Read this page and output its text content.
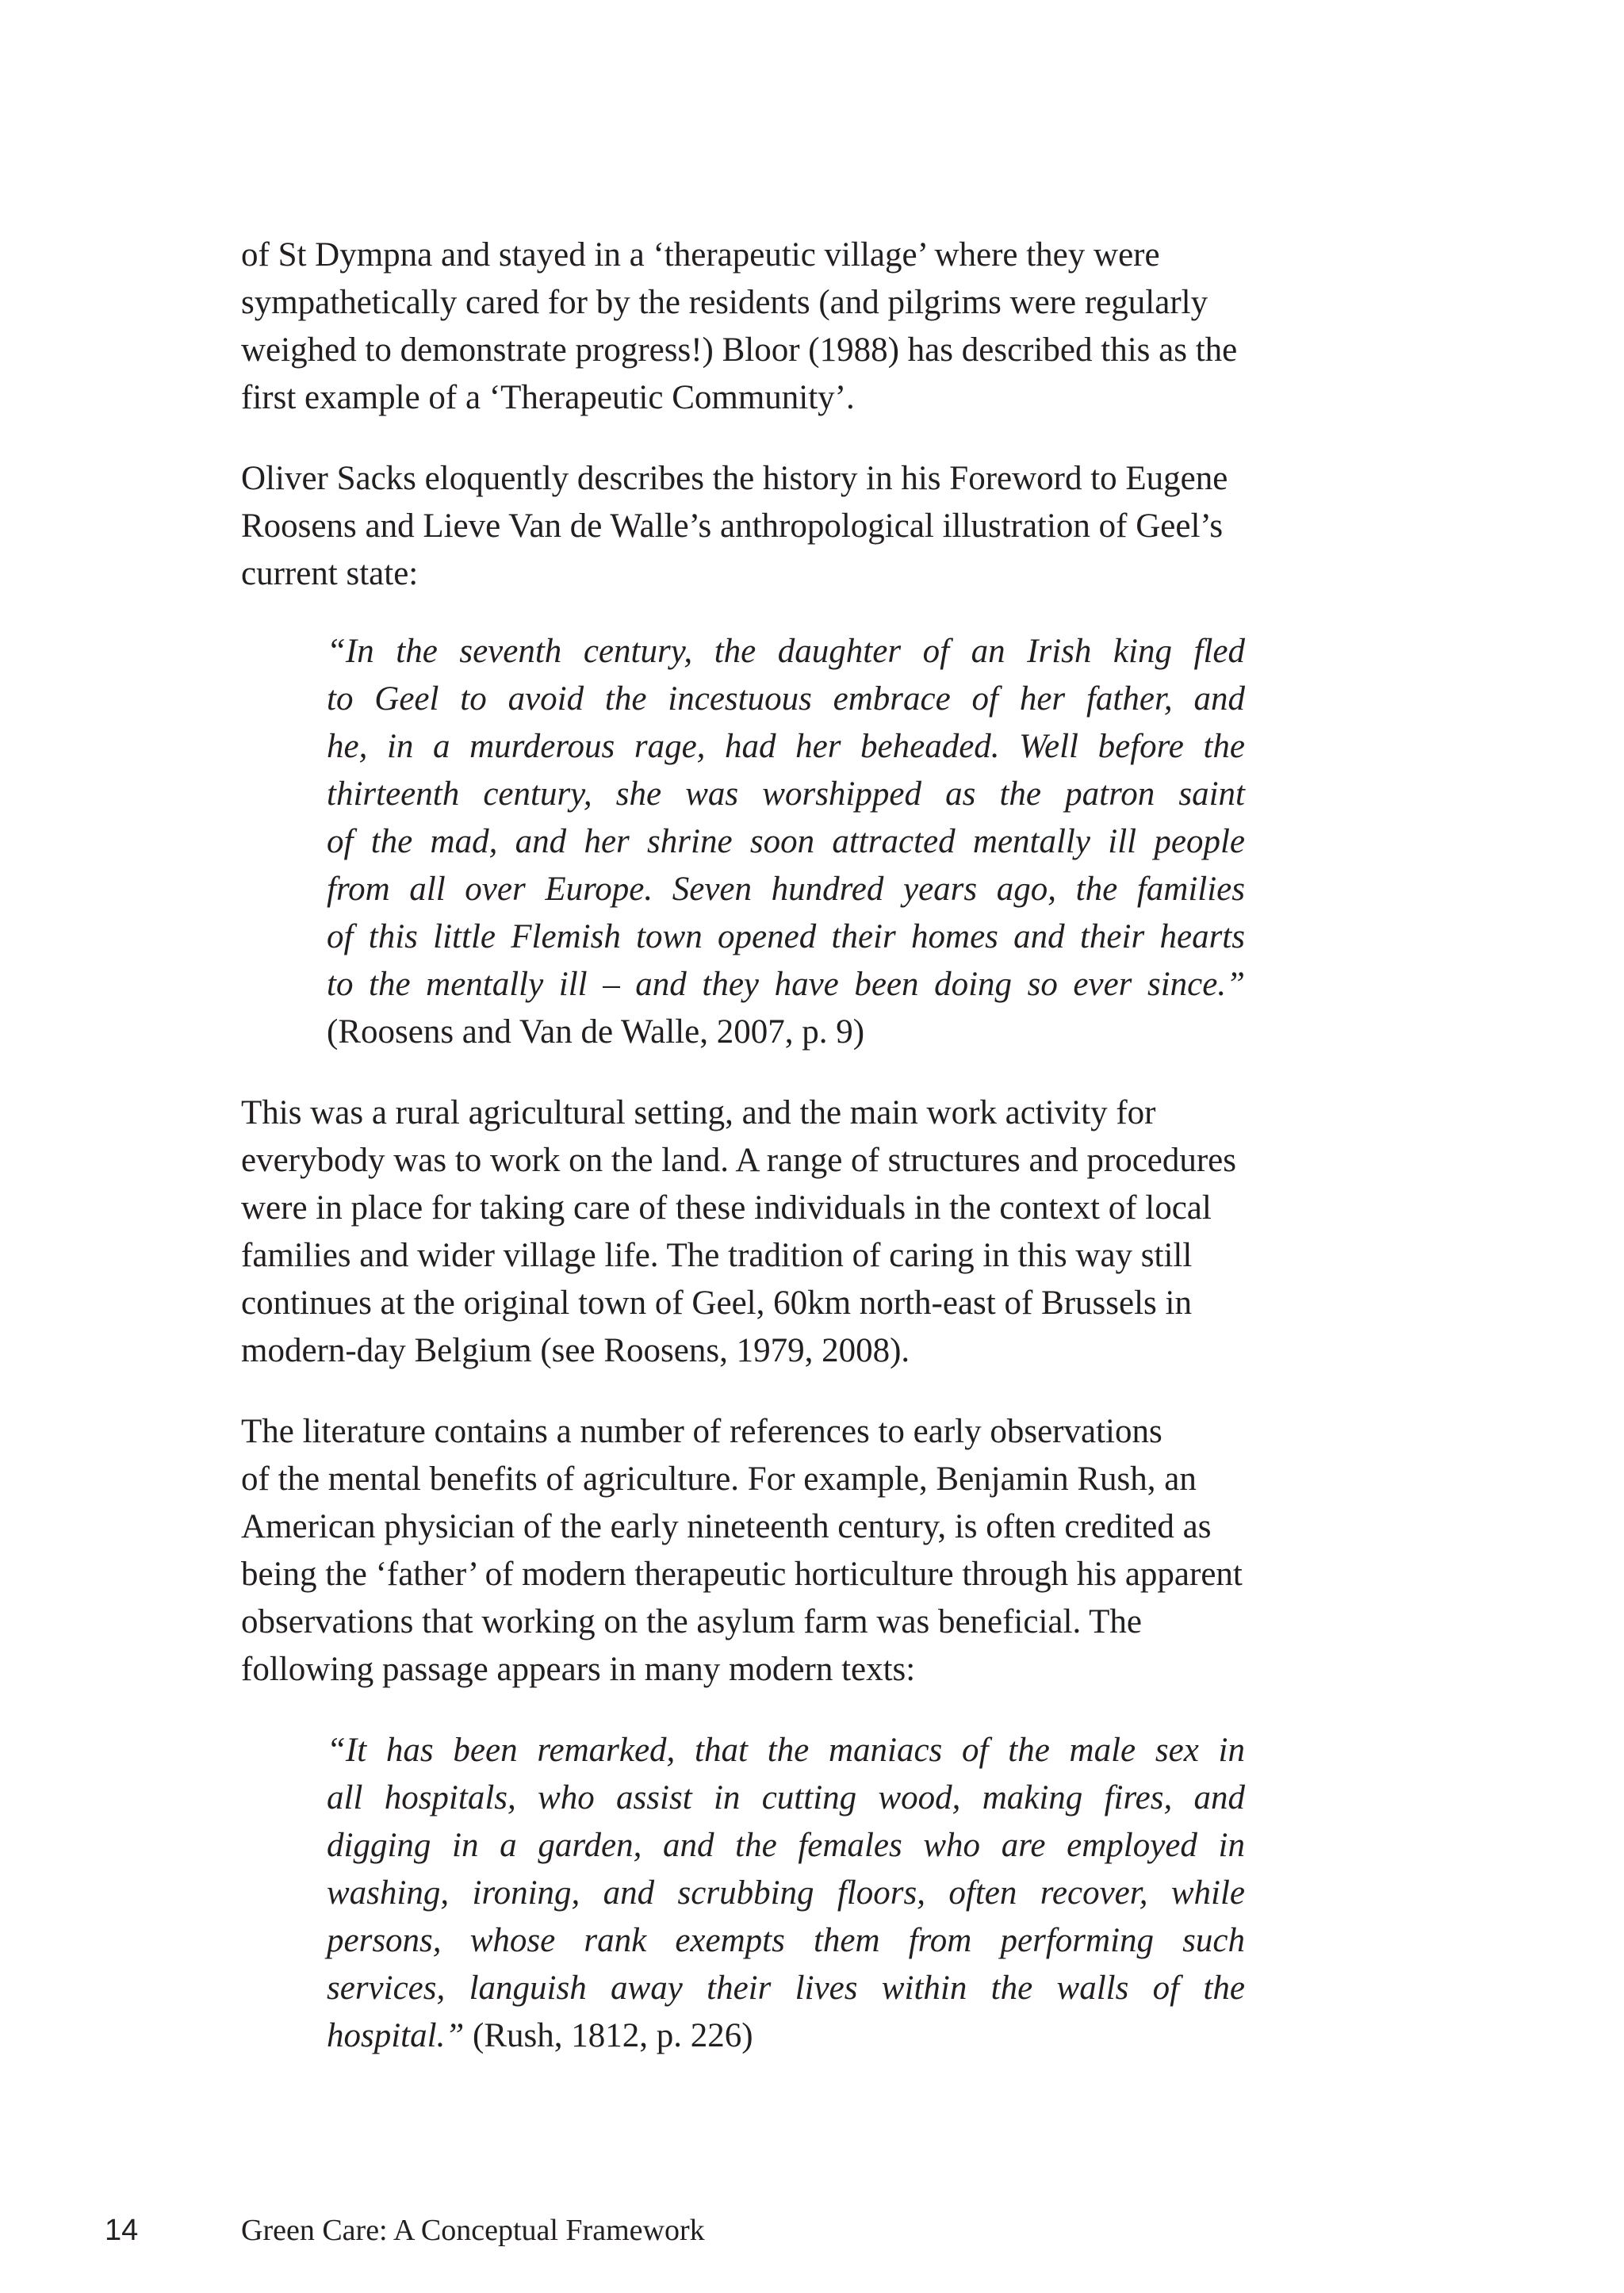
of St Dympna and stayed in a ‘therapeutic village’ where they were
sympathetically cared for by the residents (and pilgrims were regularly
weighed to demonstrate progress!) Bloor (1988) has described this as the
first example of a ‘Therapeutic Community’.

Oliver Sacks eloquently describes the history in his Foreword to Eugene
Roosens and Lieve Van de Walle’s anthropological illustration of Geel’s
current state:

“In the seventh century, the daughter of an Irish king fled
to Geel to avoid the incestuous embrace of her father, and
he, in a murderous rage, had her beheaded. Well before the
thirteenth century, she was worshipped as the patron saint
of the mad, and her shrine soon attracted mentally ill people
from all over Europe. Seven hundred years ago, the families
of this little Flemish town opened their homes and their hearts
to the mentally ill – and they have been doing so ever since.”
(Roosens and Van de Walle, 2007, p. 9)

This was a rural agricultural setting, and the main work activity for
everybody was to work on the land. A range of structures and procedures
were in place for taking care of these individuals in the context of local
families and wider village life. The tradition of caring in this way still
continues at the original town of Geel, 60km north-east of Brussels in
modern-day Belgium (see Roosens, 1979, 2008).

The literature contains a number of references to early observations
of the mental benefits of agriculture. For example, Benjamin Rush, an
American physician of the early nineteenth century, is often credited as
being the ‘father’ of modern therapeutic horticulture through his apparent
observations that working on the asylum farm was beneficial. The
following passage appears in many modern texts:

“It has been remarked, that the maniacs of the male sex in
all hospitals, who assist in cutting wood, making fires, and
digging in a garden, and the females who are employed in
washing, ironing, and scrubbing floors, often recover, while
persons, whose rank exempts them from performing such
services, languish away their lives within the walls of the
hospital.” (Rush, 1812, p. 226)
14	Green Care: A Conceptual Framework
